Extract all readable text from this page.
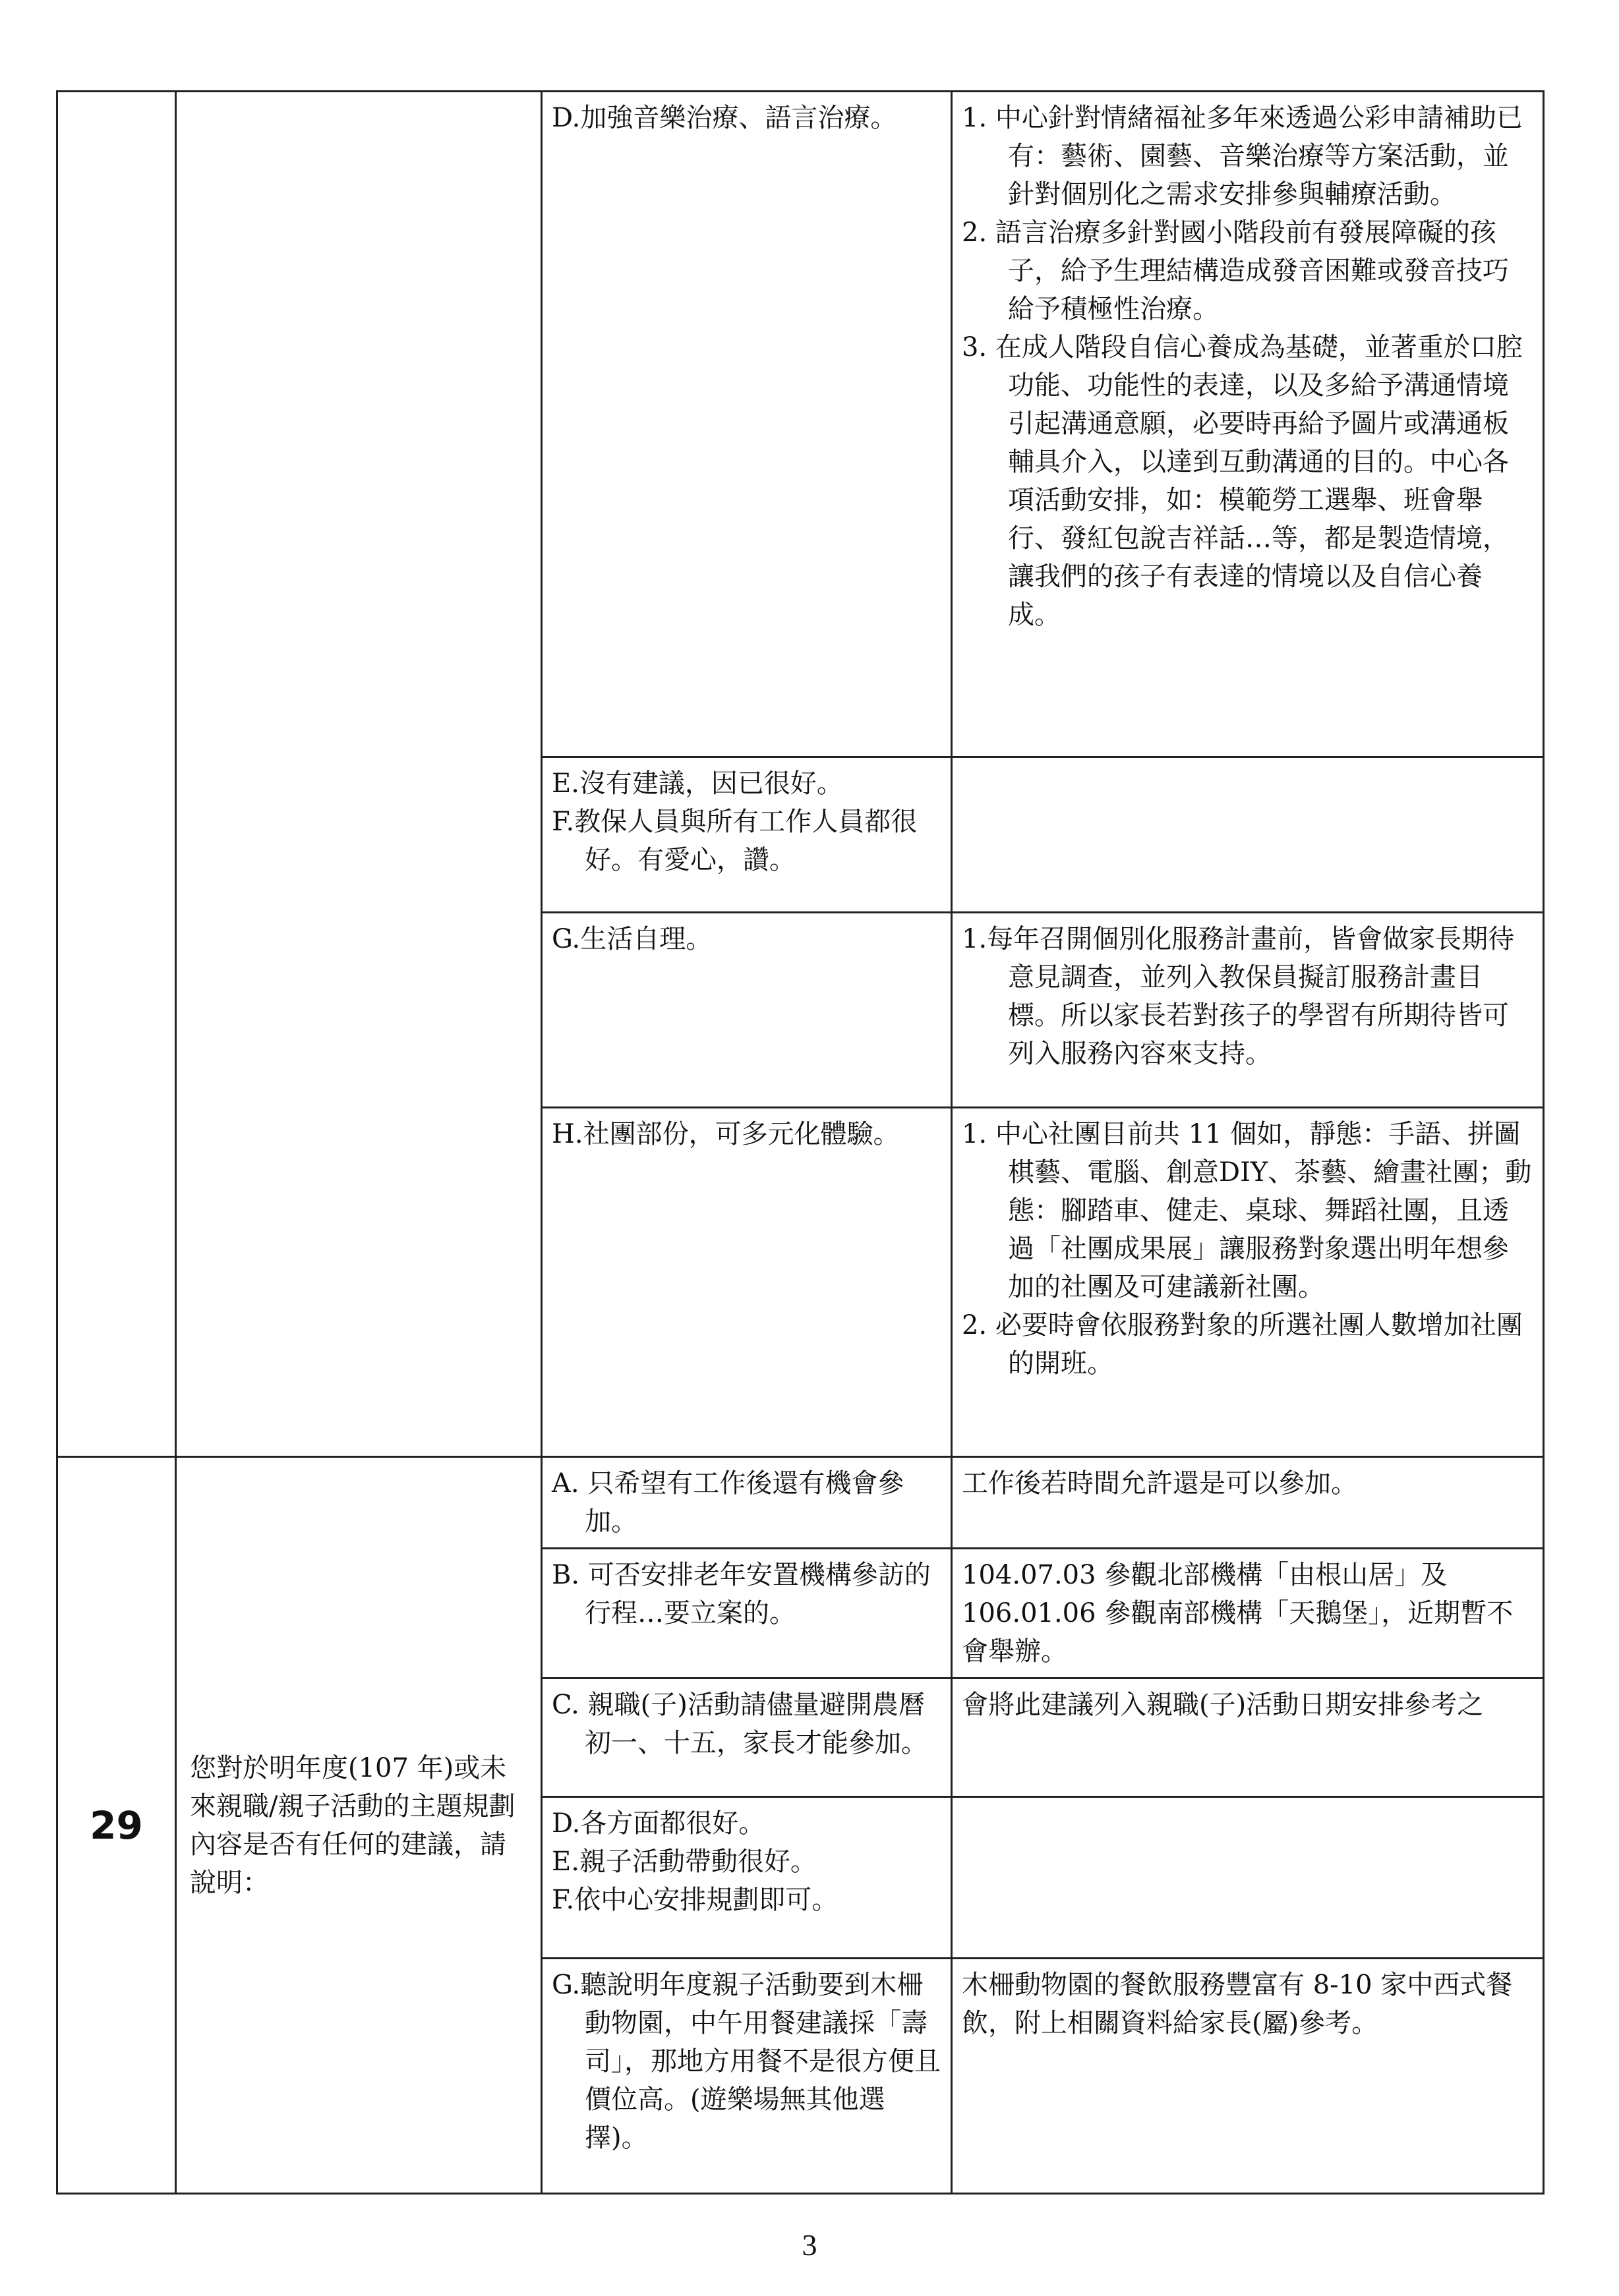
		D.加強音樂治療、語言治療。	1. 中心針對情緒福祉多年來透過公彩申請補助已有：藝術、園藝、音樂治療等方案活動，並針對個別化之需求安排參與輔療活動。
2. 語言治療多針對國小階段前有發展障礙的孩子，給予生理結構造成發音困難或發音技巧給予積極性治療。
3. 在成人階段自信心養成為基礎，並著重於口腔功能、功能性的表達，以及多給予溝通情境引起溝通意願，必要時再給予圖片或溝通板輔具介入，以達到互動溝通的目的。中心各項活動安排，如：模範勞工選舉、班會舉行、發紅包說吉祥話…等，都是製造情境，讓我們的孩子有表達的情境以及自信心養成。

		E.沒有建議，因已很好。
F.教保人員與所有工作人員都很好。有愛心，讚。	

		G.生活自理。	1.每年召開個別化服務計畫前，皆會做家長期待意見調查，並列入教保員擬訂服務計畫目標。所以家長若對孩子的學習有所期待皆可列入服務內容來支持。

		H.社團部份，可多元化體驗。	1. 中心社團目前共 11 個如，靜態：手語、拼圖棋藝、電腦、創意DIY、茶藝、繪畫社團；動態：腳踏車、健走、桌球、舞蹈社團，且透過「社團成果展」讓服務對象選出明年想參加的社團及可建議新社團。
2. 必要時會依服務對象的所選社團人數增加社團的開班。

29	您對於明年度(107 年)或未來親職/親子活動的主題規劃內容是否有任何的建議，請說明：	A. 只希望有工作後還有機會參加。	工作後若時間允許還是可以參加。

		B. 可否安排老年安置機構參訪的行程…要立案的。	104.07.03 參觀北部機構「由根山居」及 106.01.06 參觀南部機構「天鵝堡」，近期暫不會舉辦。

		C. 親職(子)活動請儘量避開農曆初一、十五，家長才能參加。	會將此建議列入親職(子)活動日期安排參考之

		D.各方面都很好。
E.親子活動帶動很好。
F.依中心安排規劃即可。	

		G.聽說明年度親子活動要到木柵動物園，中午用餐建議採「壽司」，那地方用餐不是很方便且價位高。(遊樂場無其他選擇)。	木柵動物園的餐飲服務豐富有 8-10 家中西式餐飲，附上相關資料給家長(屬)參考。
3
